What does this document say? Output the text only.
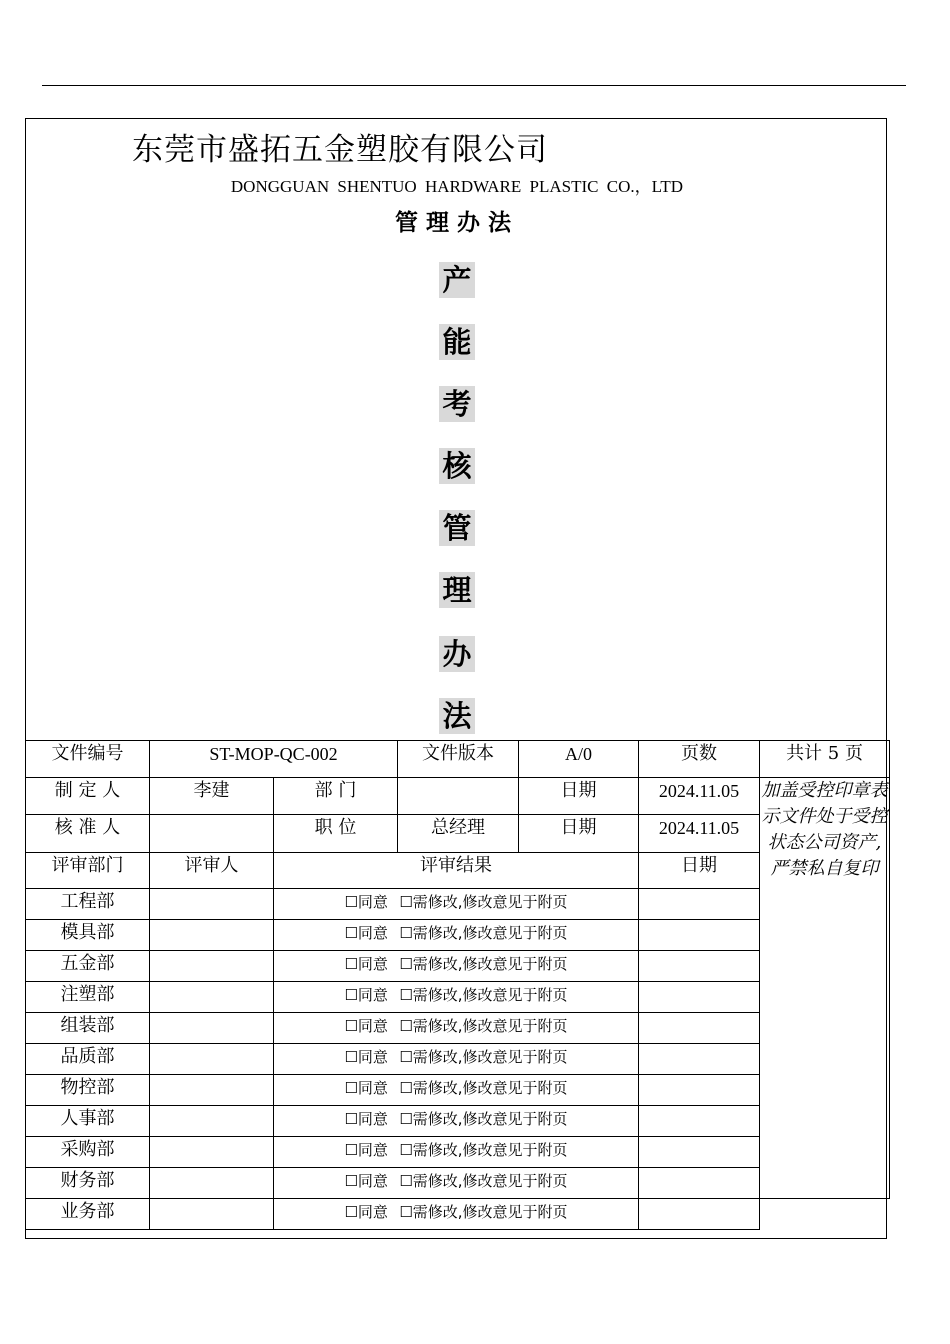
东莞市盛拓五金塑胶有限公司
DONGGUAN SHENTUO HARDWARE PLASTIC CO.，LTD
管理办法
产
能
考
核
管
理
办
法
文件编号	ST-MOP-QC-002		文件版本	A/0	页数	共计 5 页
制 定 人	李建	部 门		日期	2024.11.05	加盖受控印章表示文件处于受控状态公司资产,严禁私自复印
核 准 人		职 位	总经理	日期	2024.11.05	
评审部门	评审人	评审结果			日期	
工程部		☐同意 ☐需修改,修改意见于附页				
模具部		☐同意 ☐需修改,修改意见于附页				
五金部		☐同意 ☐需修改,修改意见于附页				
注塑部		☐同意 ☐需修改,修改意见于附页				
组装部		☐同意 ☐需修改,修改意见于附页				
品质部		☐同意 ☐需修改,修改意见于附页				
物控部		☐同意 ☐需修改,修改意见于附页				
人事部		☐同意 ☐需修改,修改意见于附页				
采购部		☐同意 ☐需修改,修改意见于附页				
财务部		☐同意 ☐需修改,修改意见于附页				
业务部		☐同意 ☐需修改,修改意见于附页				
